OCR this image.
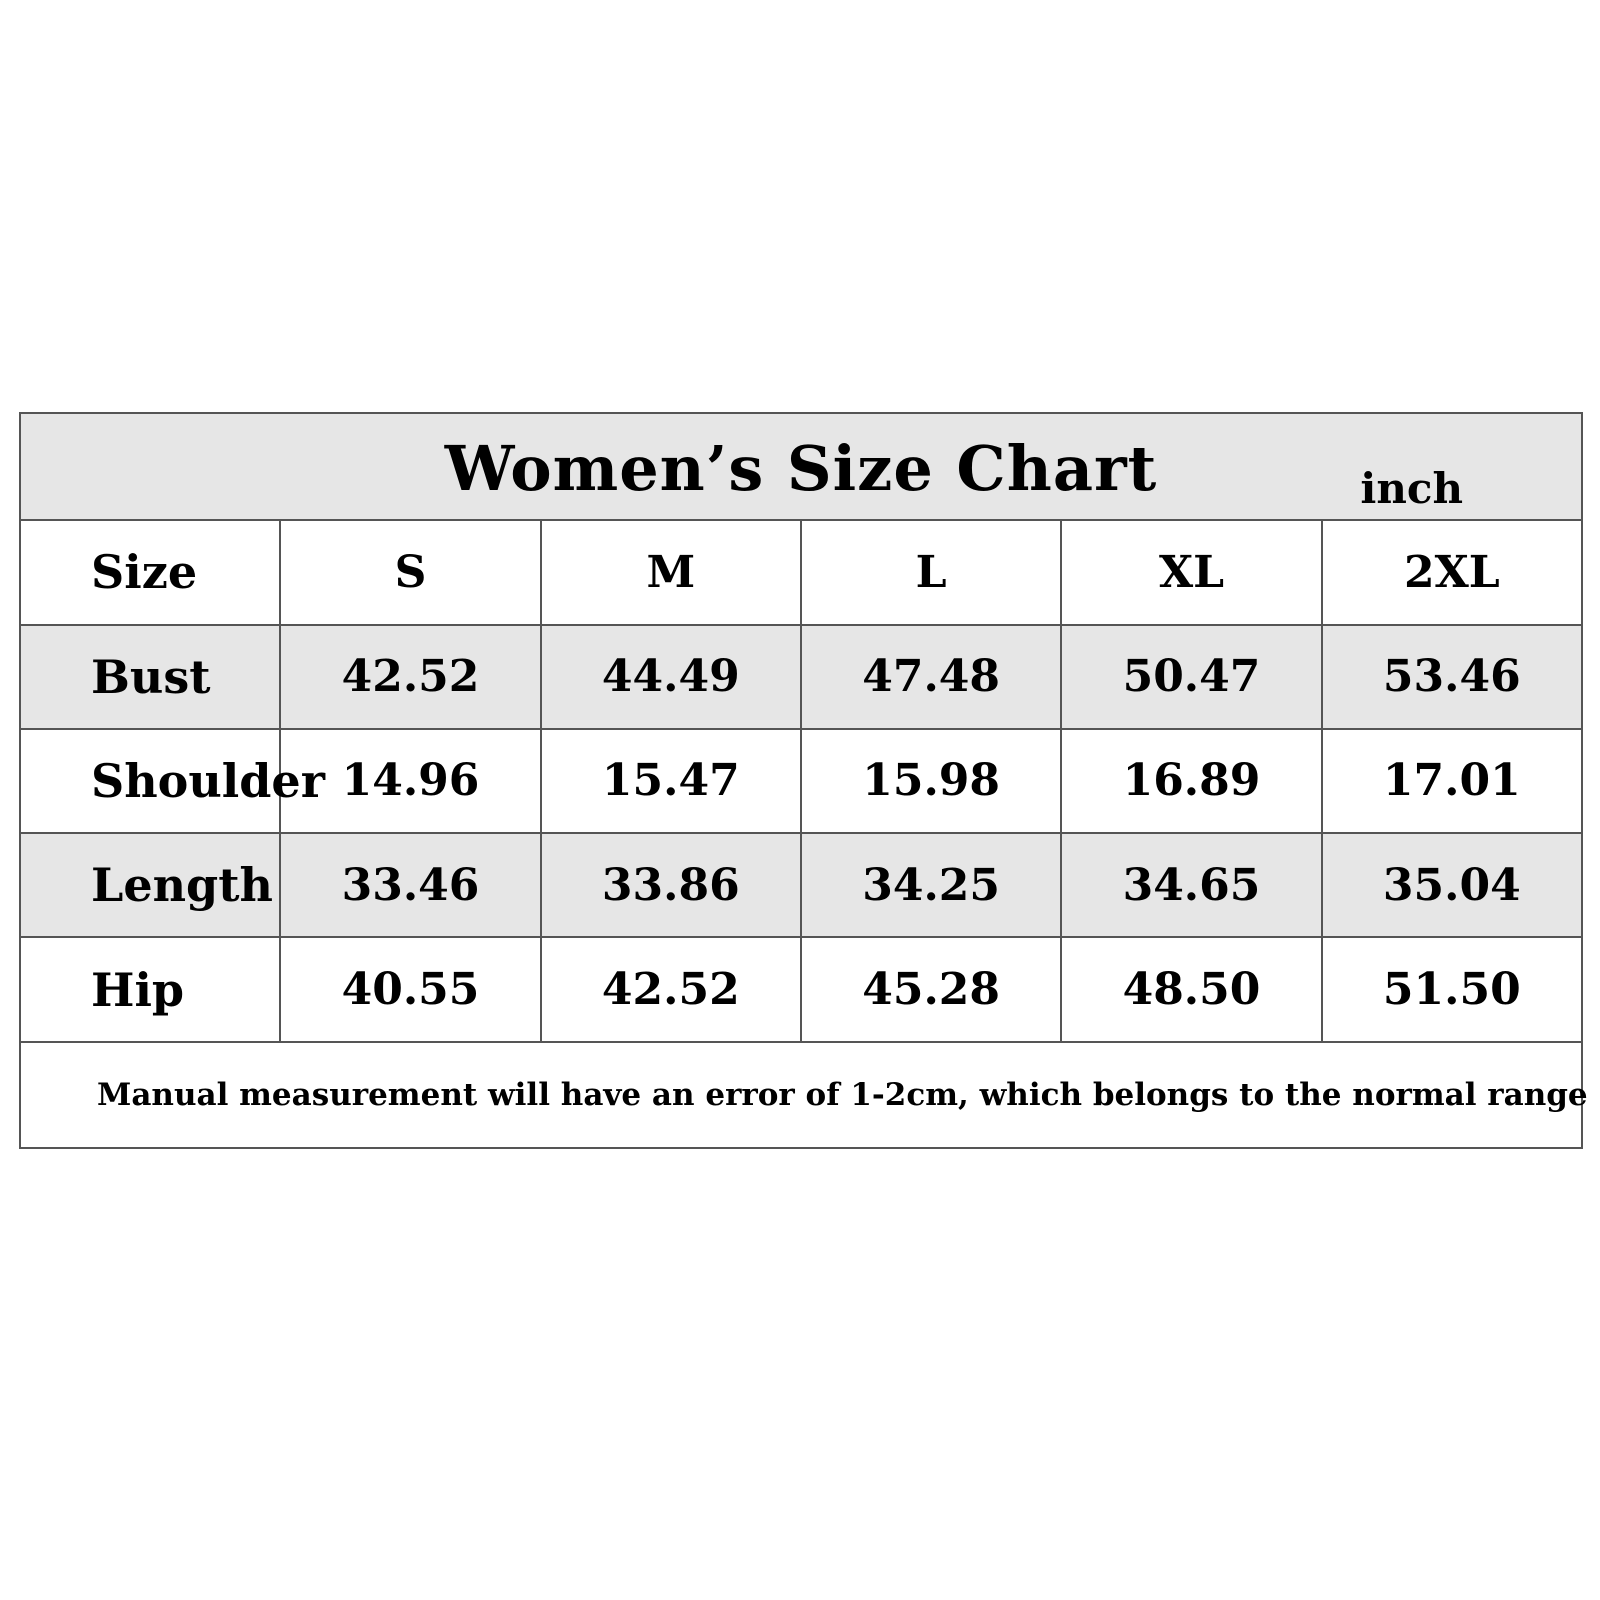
Women’s Size Chart inch					

Size	S	M	L	XL	2XL
Bust	42.52	44.49	47.48	50.47	53.46
Shoulder	14.96	15.47	15.98	16.89	17.01
Length	33.46	33.86	34.25	34.65	35.04
Hip	40.55	42.52	45.28	48.50	51.50
Manual measurement will have an error of 1-2cm, which belongs to the normal range					
